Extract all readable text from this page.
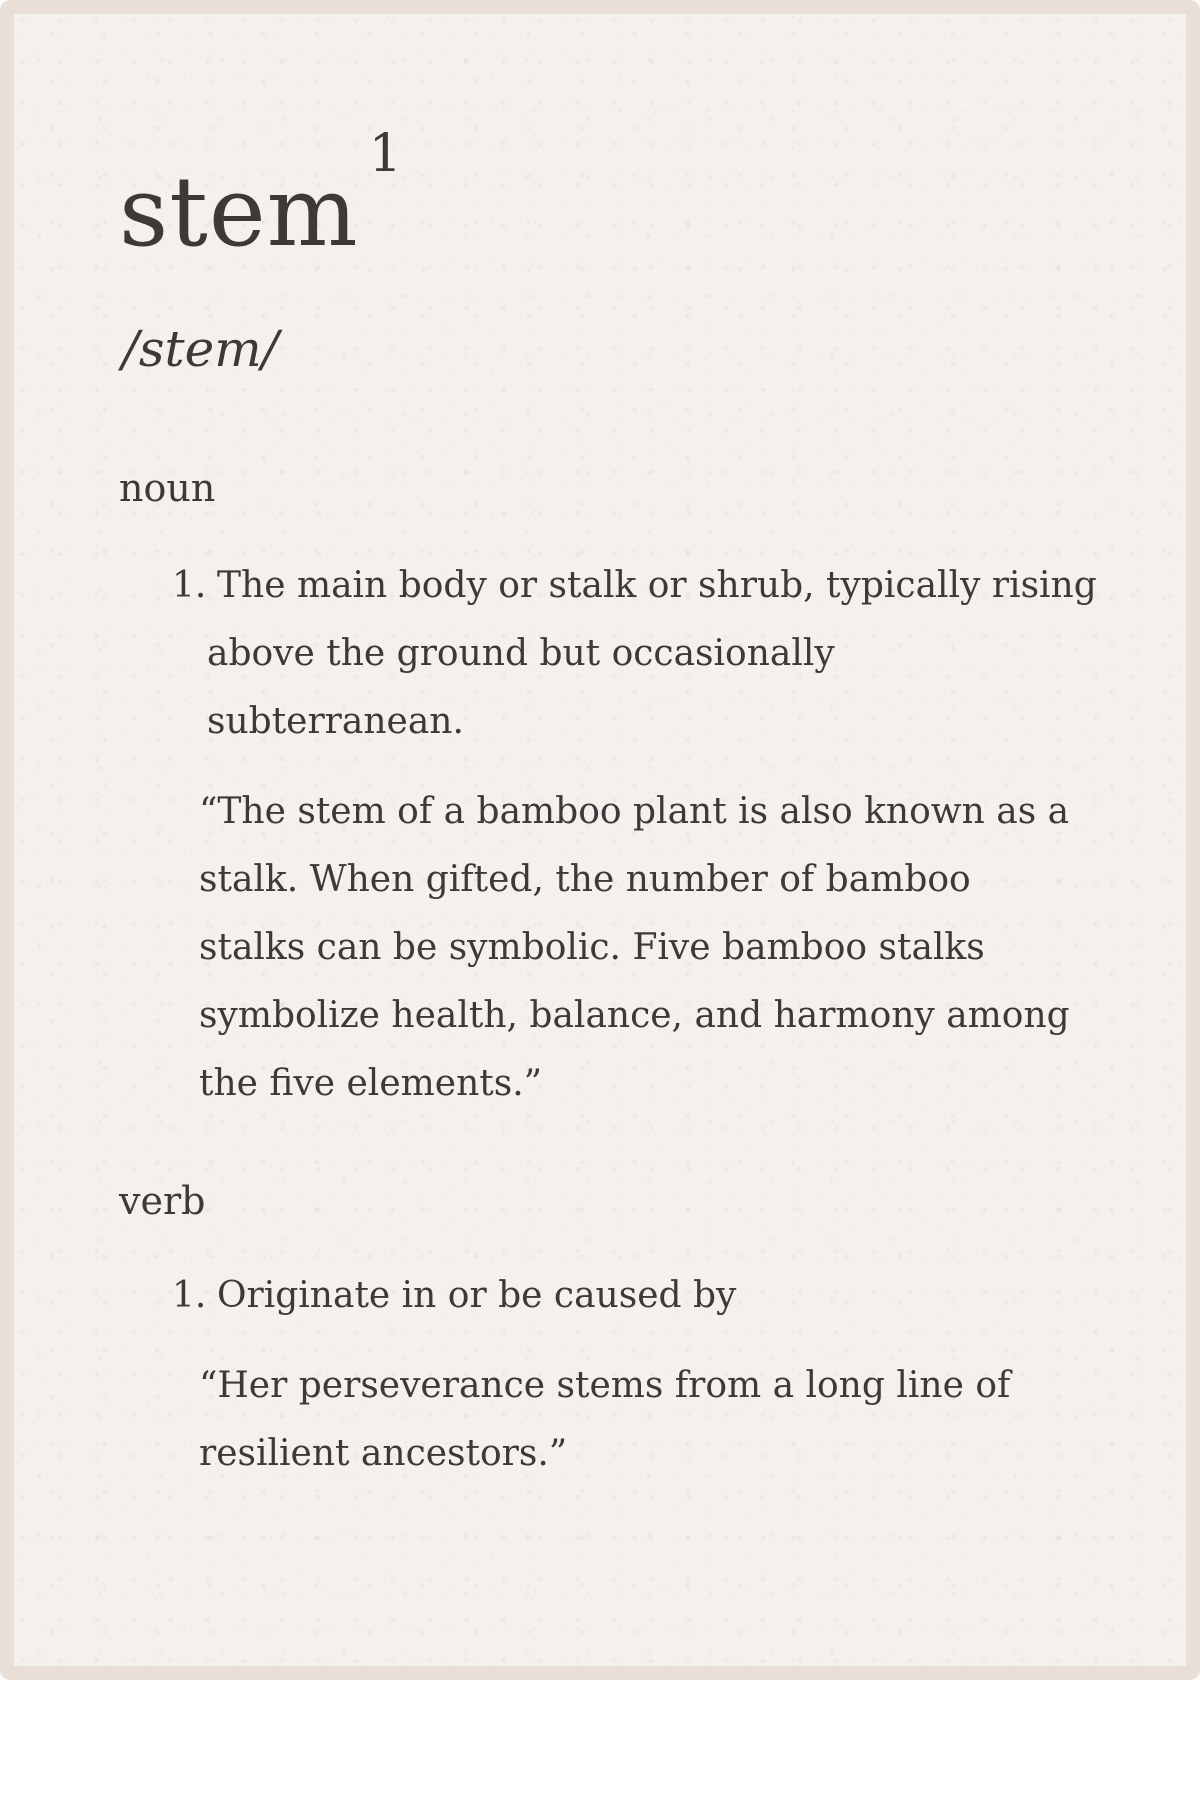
stem$^1$
/stem/
noun
1. The main body or stalk or shrub, typically rising above the ground but occasionally subterranean.
“The stem of a bamboo plant is also known as a stalk. When gifted, the number of bamboo stalks can be symbolic. Five bamboo stalks symbolize health, balance, and harmony among the five elements.”
verb
1. Originate in or be caused by
“Her perseverance stems from a long line of resilient ancestors.”
